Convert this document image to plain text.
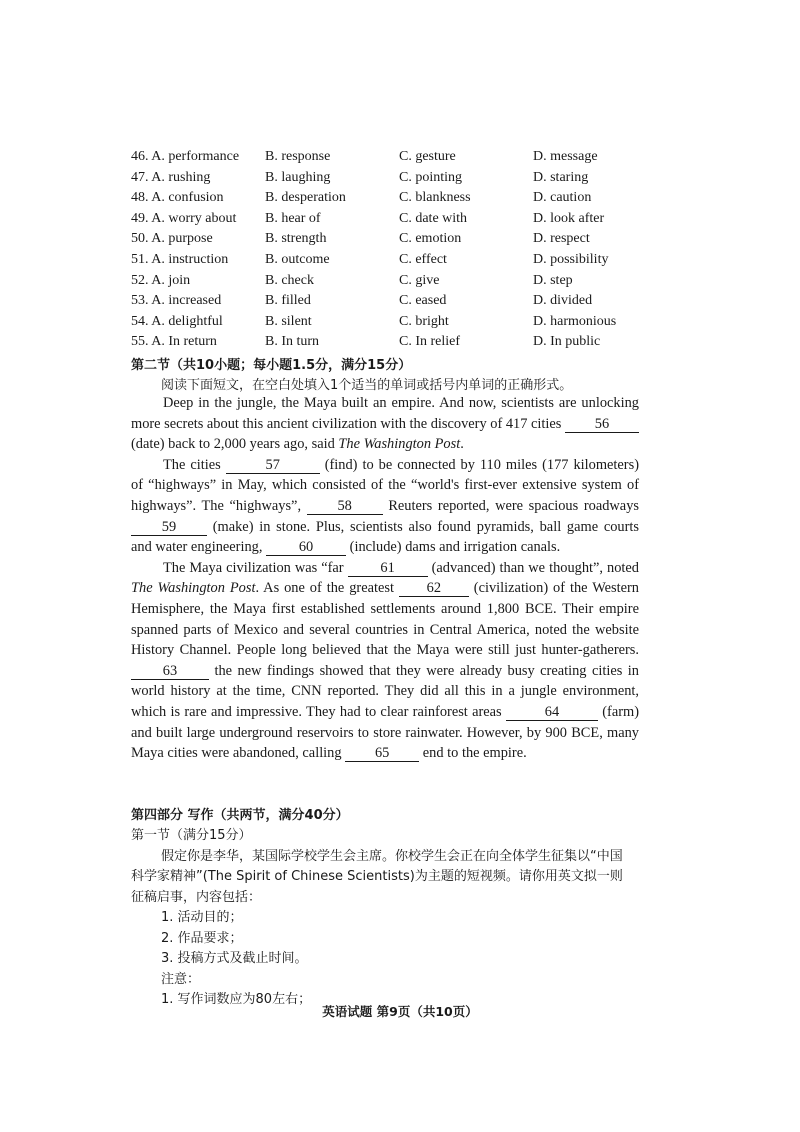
46. A. performance B. response	C. gesture	D. message
47. A. rushing	B. laughing	C. pointing	D. staring
48. A. confusion	B. desperation	C. blankness	D. caution
49. A. worry about B. hear of	C. date with	D. look after
50. A. purpose	B. strength	C. emotion	D. respect
51. A. instruction	B. outcome	C. effect	D. possibility
52. A. join	B. check	C. give	D. step
53. A. increased	B. filled	C. eased	D. divided
54. A. delightful	B. silent	C. bright	D. harmonious
55. A. In return	B. In turn	C. In relief	D. In public
第二节（共10小题；每小题1.5分，满分15分）
阅读下面短文，在空白处填入1个适当的单词或括号内单词的正确形式。

Deep in the jungle, the Maya built an empire. And now, scientists are unlocking more secrets about this ancient civilization with the discovery of 417 cities 56 (date) back to 2,000 years ago, said The Washington Post.

The cities	57	(find) to be connected by 110 miles (177 kilometers) of “highways” in May, which consisted of the “world's first-ever extensive system of highways”. The “highways”, 58 Reuters reported, were spacious roadways 59 (make) in stone. Plus, scientists also found pyramids, ball game courts and water engineering, 60 (include) dams and irrigation canals.

The Maya civilization was “far 61 (advanced) than we thought”, noted The Washington Post. As one of the greatest 62 (civilization) of the Western Hemisphere, the Maya first established settlements around 1,800 BCE. Their empire spanned parts of Mexico and several countries in Central America, noted the website History Channel. People long believed that the Maya were still just hunter-gatherers. 63 the new findings showed that they were already busy creating cities in world history at the time, CNN reported. They did all this in a jungle environment, which is rare and impressive. They had to clear rainforest areas	64	(farm) and built large underground reservoirs to store rainwater. However, by 900 BCE, many Maya cities were abandoned, calling 65 end to the empire.

第四部分 写作（共两节，满分40分）
第一节（满分15分）
假定你是李华，某国际学校学生会主席。你校学生会正在向全体学生征集以“中国
科学家精神”(The Spirit of Chinese Scientists)为主题的短视频。请你用英文拟一则
征稿启事，内容包括：
1. 活动目的；
2. 作品要求；
3. 投稿方式及截止时间。
注意：
1. 写作词数应为80左右；
英语试题 第9页（共10页）
